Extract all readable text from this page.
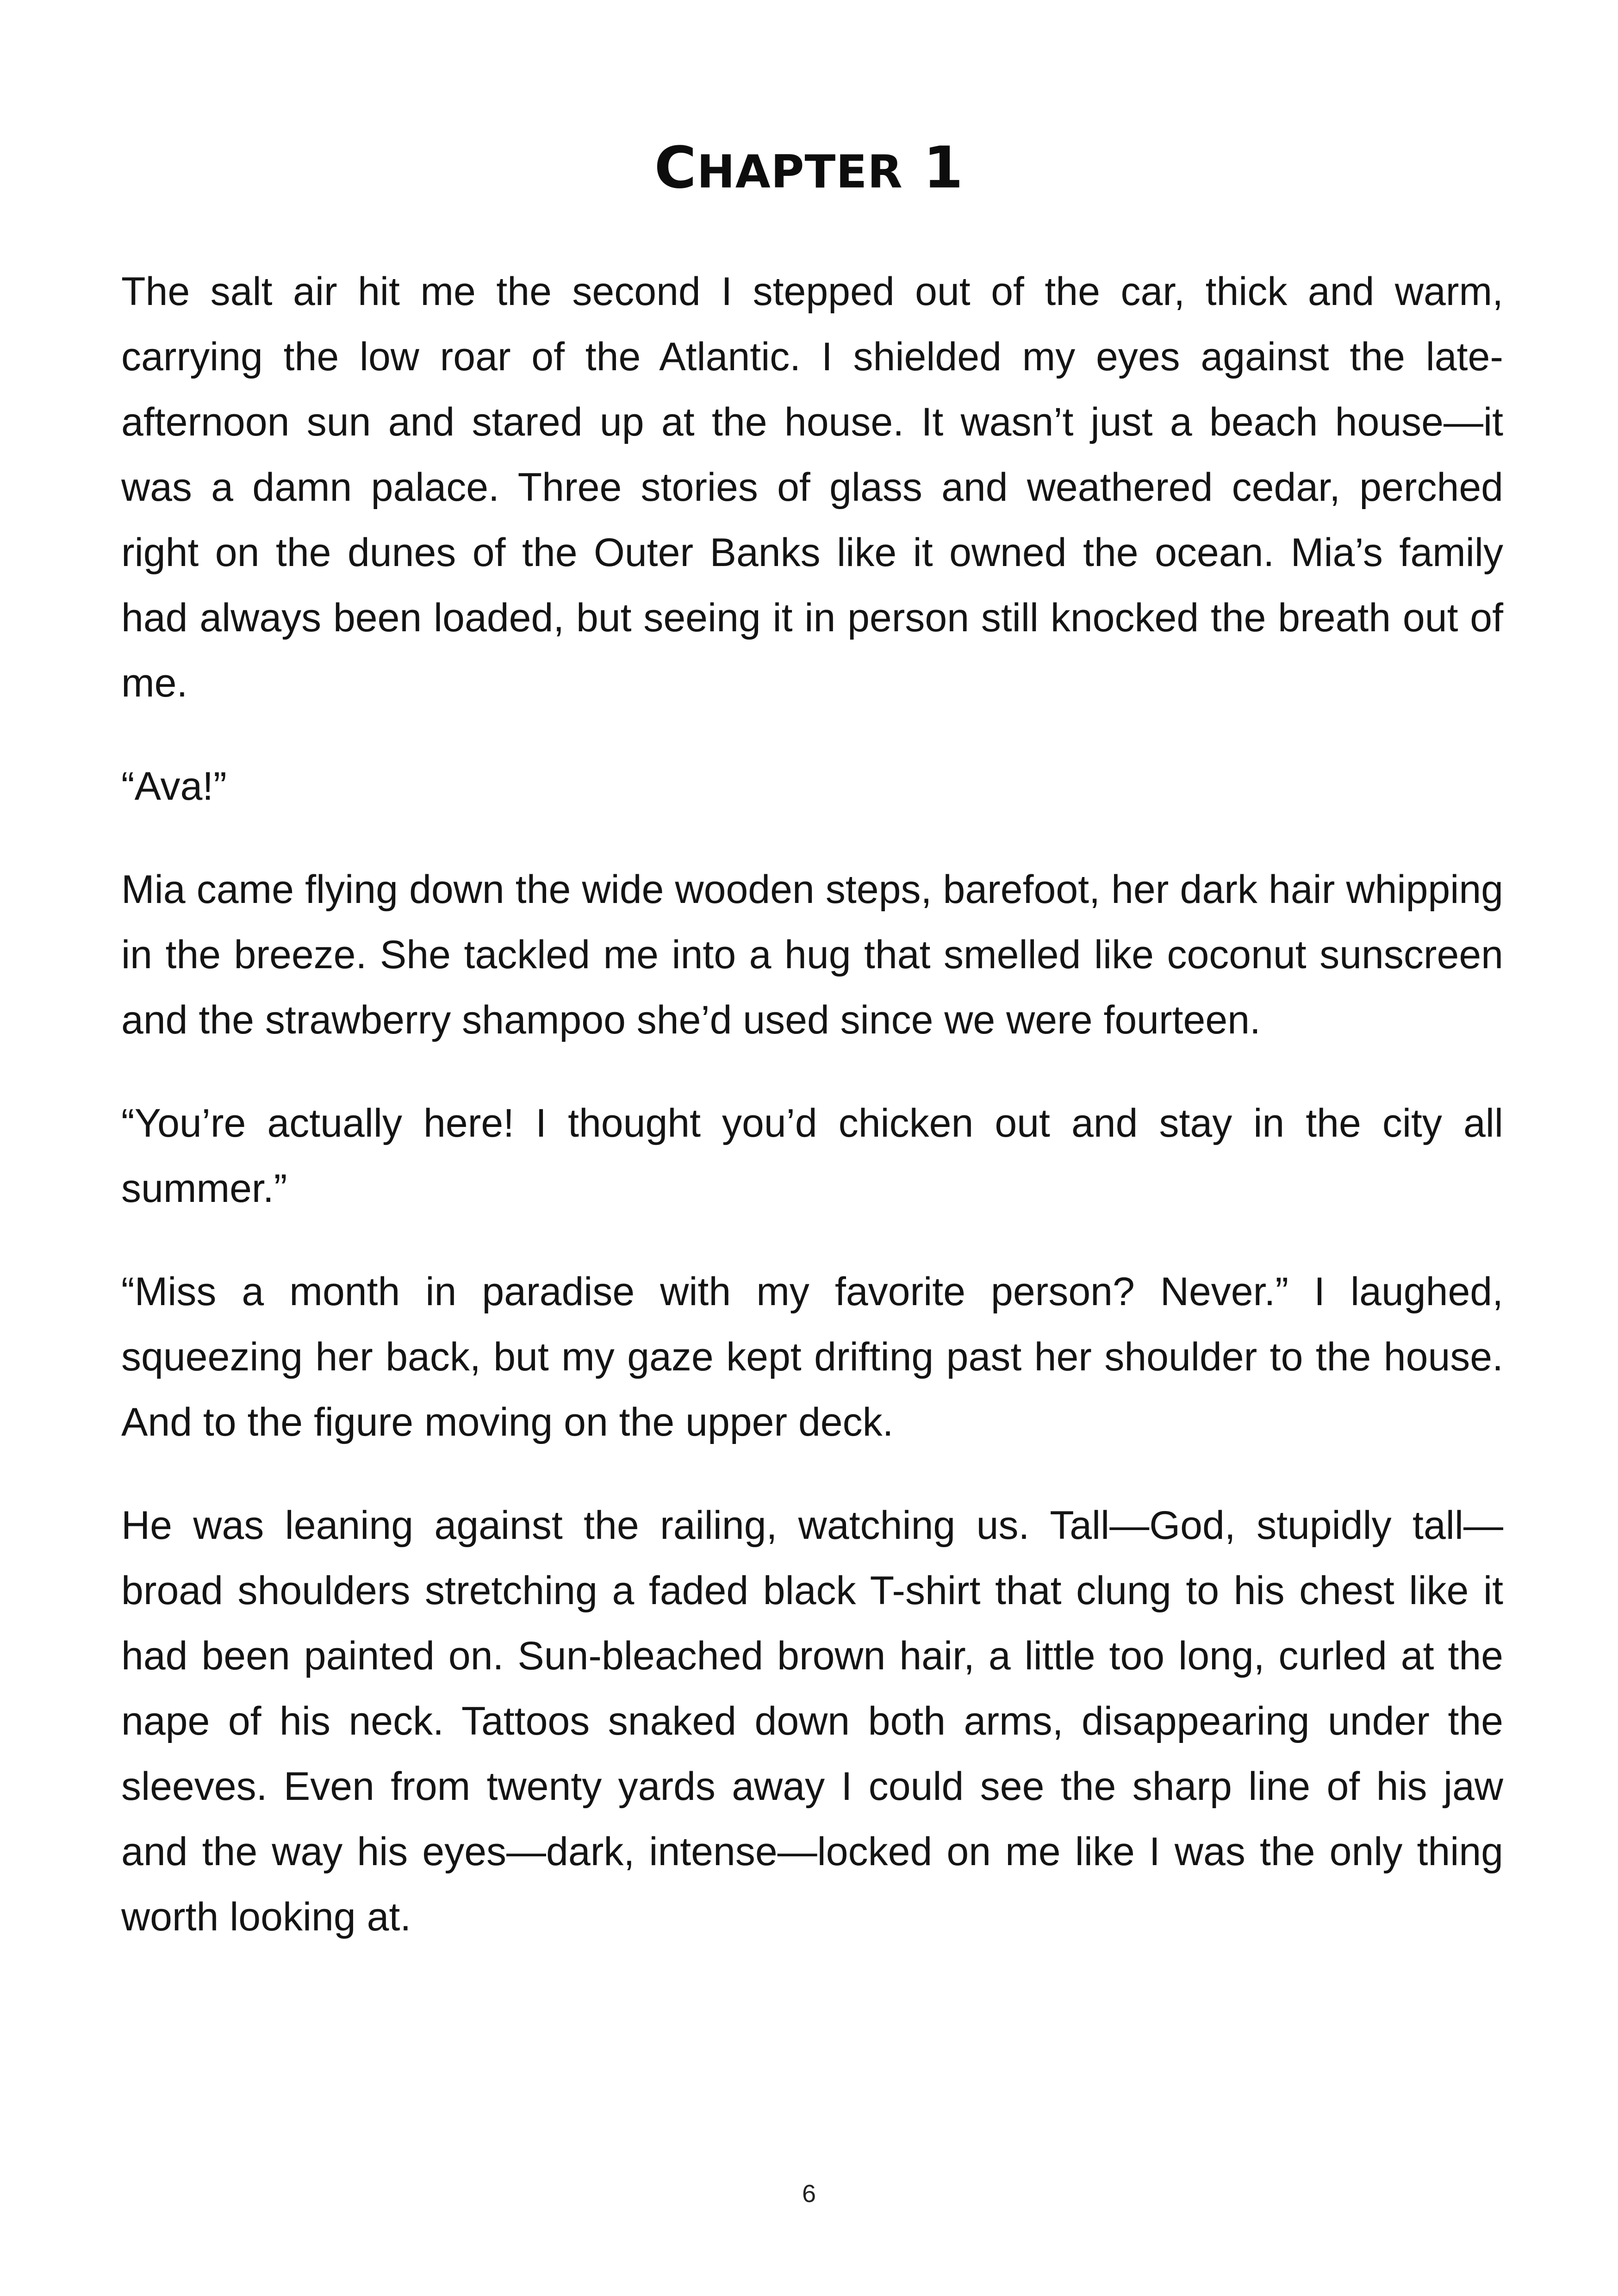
CHAPTER 1

The salt air hit me the second I stepped out of the car, thick and warm, carrying the low roar of the Atlantic. I shielded my eyes against the late-afternoon sun and stared up at the house. It wasn’t just a beach house—it was a damn palace. Three stories of glass and weathered cedar, perched right on the dunes of the Outer Banks like it owned the ocean. Mia’s family had always been loaded, but seeing it in person still knocked the breath out of me.

“Ava!”

Mia came flying down the wide wooden steps, barefoot, her dark hair whipping in the breeze. She tackled me into a hug that smelled like coconut sunscreen and the strawberry shampoo she’d used since we were fourteen.

“You’re actually here! I thought you’d chicken out and stay in the city all summer.”

“Miss a month in paradise with my favorite person? Never.” I laughed, squeezing her back, but my gaze kept drifting past her shoulder to the house. And to the figure moving on the upper deck.

He was leaning against the railing, watching us. Tall—God, stupidly tall—broad shoulders stretching a faded black T-shirt that clung to his chest like it had been painted on. Sun-bleached brown hair, a little too long, curled at the nape of his neck. Tattoos snaked down both arms, disappearing under the sleeves. Even from twenty yards away I could see the sharp line of his jaw and the way his eyes—dark, intense—locked on me like I was the only thing worth looking at.

6
